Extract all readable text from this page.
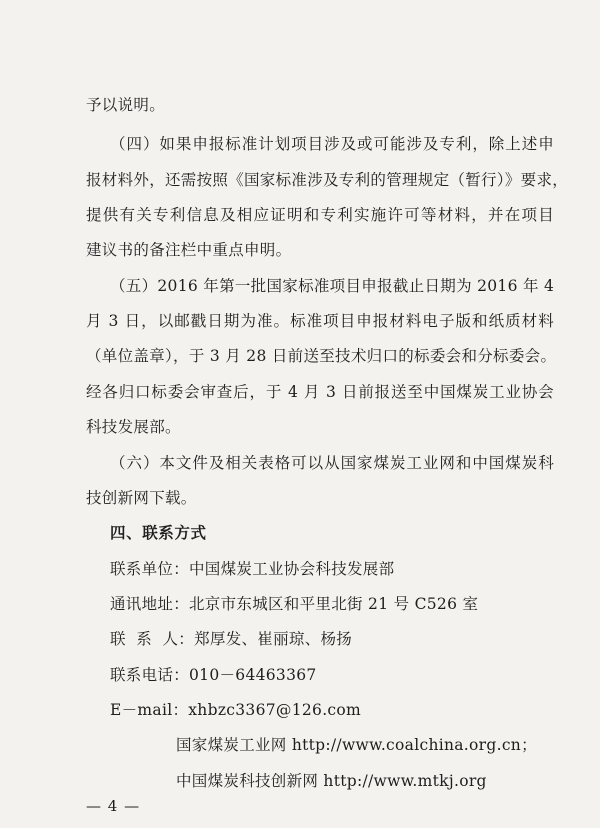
予以说明。
（四）如果申报标准计划项目涉及或可能涉及专利，除上述申
报材料外，还需按照《国家标准涉及专利的管理规定（暂行）》要求，
提供有关专利信息及相应证明和专利实施许可等材料，并在项目
建议书的备注栏中重点申明。
（五）2016 年第一批国家标准项目申报截止日期为 2016 年 4
月 3 日，以邮戳日期为准。标准项目申报材料电子版和纸质材料
（单位盖章），于 3 月 28 日前送至技术归口的标委会和分标委会。
经各归口标委会审查后，于 4 月 3 日前报送至中国煤炭工业协会
科技发展部。
（六）本文件及相关表格可以从国家煤炭工业网和中国煤炭科
技创新网下载。
四、联系方式
联系单位：中国煤炭工业协会科技发展部
通讯地址：北京市东城区和平里北街 21 号 C526 室
联  系  人：郑厚发、崔丽琼、杨扬
联系电话：010－64463367
E－mail：xhbzc3367@126.com
国家煤炭工业网 http://www.coalchina.org.cn；
中国煤炭科技创新网 http://www.mtkj.org
— 4 —
